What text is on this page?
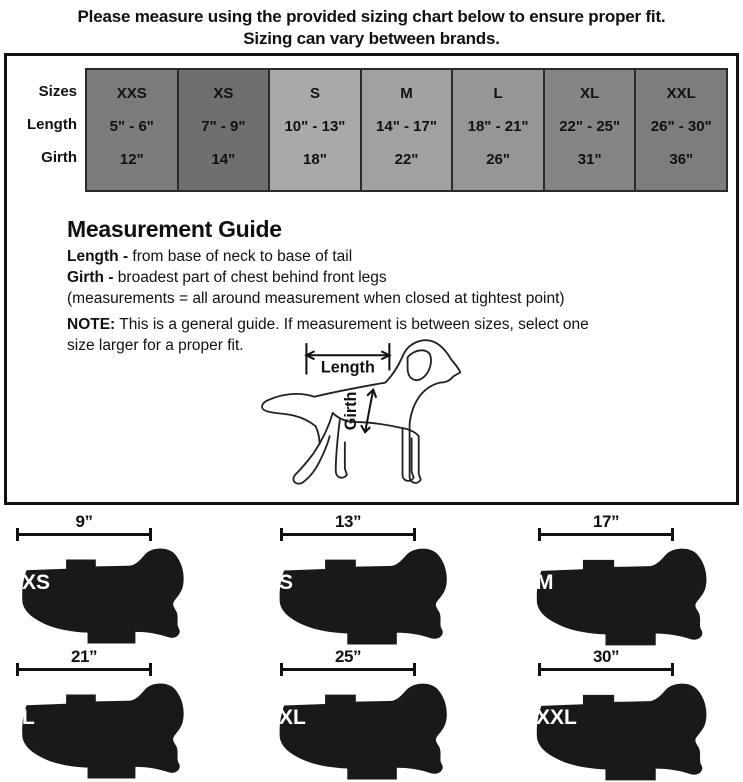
Please measure using the provided sizing chart below to ensure proper fit.
Sizing can vary between brands.
Sizes
Length
Girth
XXS
5" - 6"
12"
XS
7" - 9"
14"
S
10" - 13"
18"
M
14" - 17"
22"
L
18" - 21"
26"
XL
22" - 25"
31"
XXL
26" - 30"
36"
Measurement Guide
Length - from base of neck to base of tail
Girth - broadest part of chest behind front legs
(measurements = all around measurement when closed at tightest point)
NOTE: This is a general guide. If measurement is between sizes, select one
size larger for a proper fit.
Length
Girth
9”
XS
13”
S
17”
M
21”
L
25”
XL
30”
XXL
